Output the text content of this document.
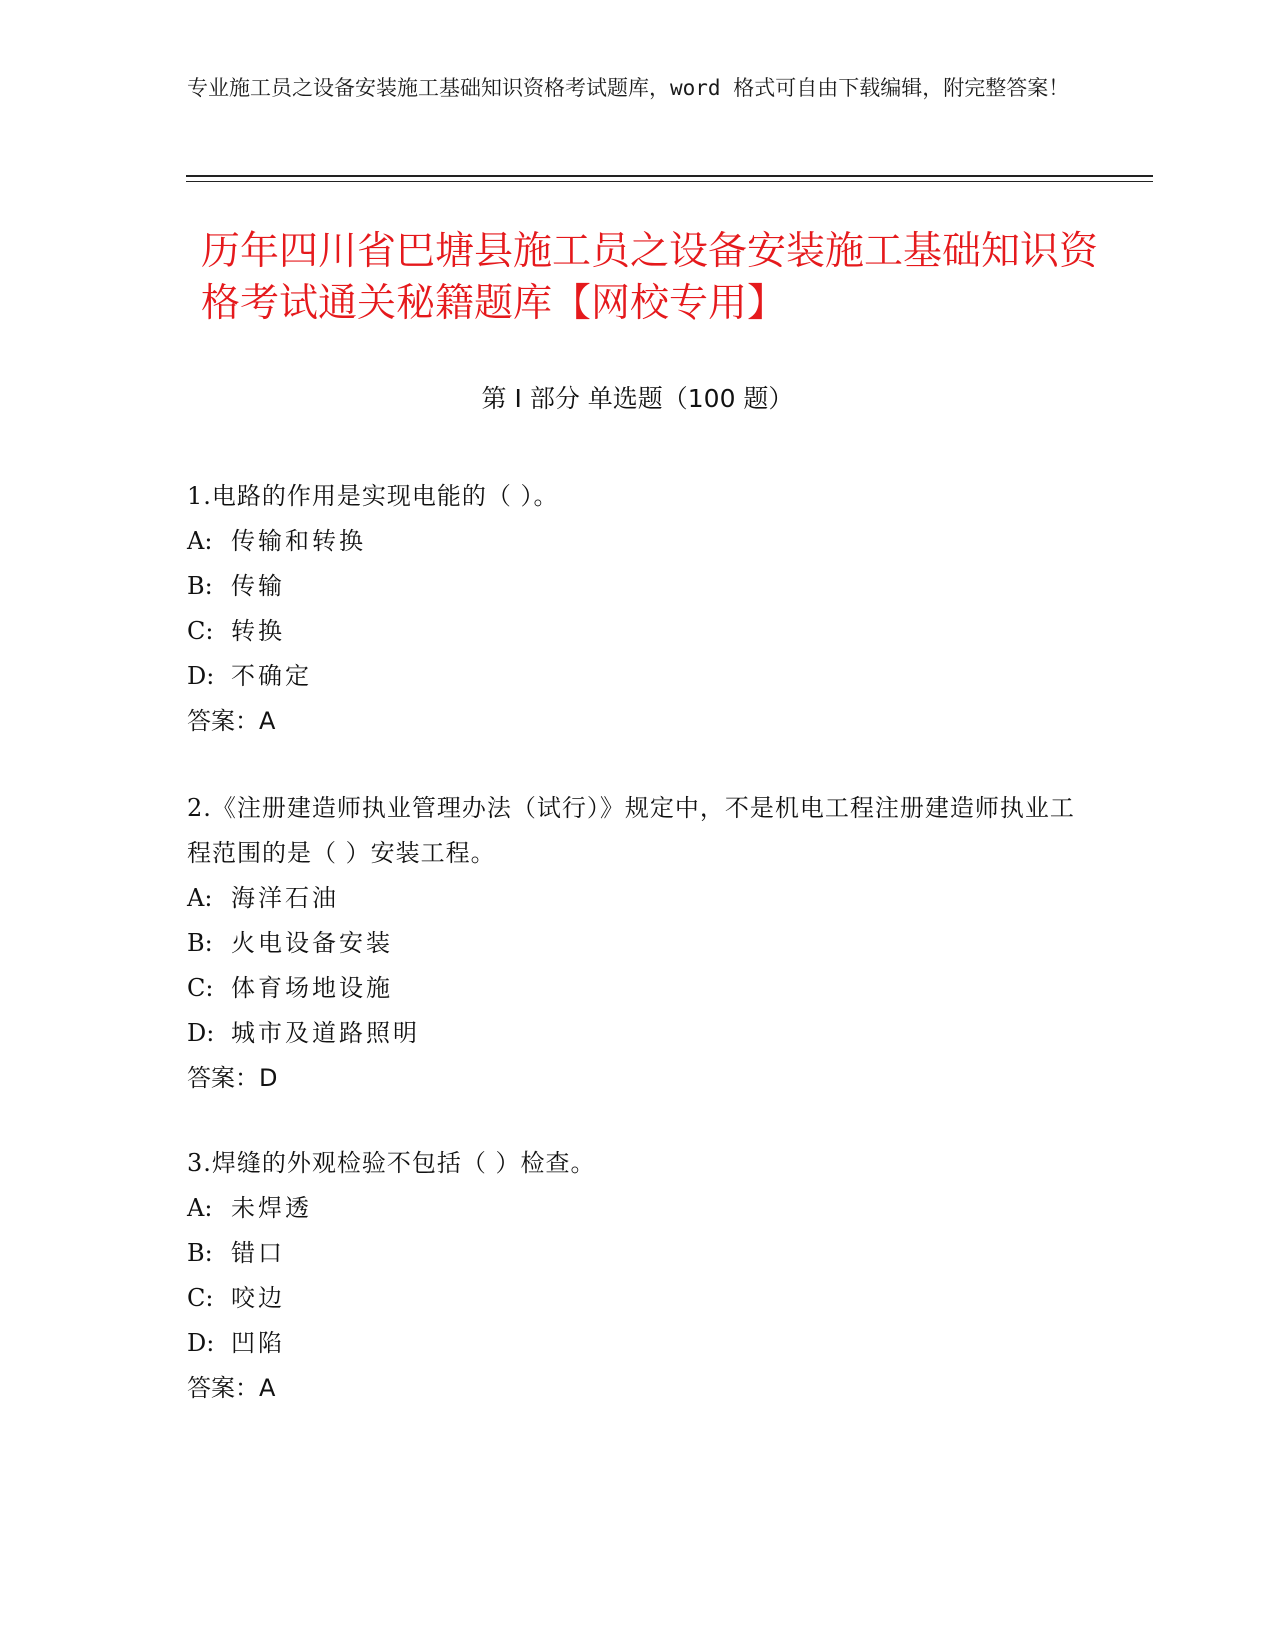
专业施工员之设备安装施工基础知识资格考试题库，word 格式可自由下载编辑，附完整答案！
历年四川省巴塘县施工员之设备安装施工基础知识资格考试通关秘籍题库【网校专用】
第 I 部分 单选题（100 题）
1.电路的作用是实现电能的（ ）。
A: 传输和转换
B: 传输
C: 转换
D: 不确定
答案：A
2.《注册建造师执业管理办法（试行）》规定中，不是机电工程注册建造师执业工程范围的是（ ）安装工程。
A: 海洋石油
B: 火电设备安装
C: 体育场地设施
D: 城市及道路照明
答案：D
3.焊缝的外观检验不包括（ ）检查。
A: 未焊透
B: 错口
C: 咬边
D: 凹陷
答案：A
